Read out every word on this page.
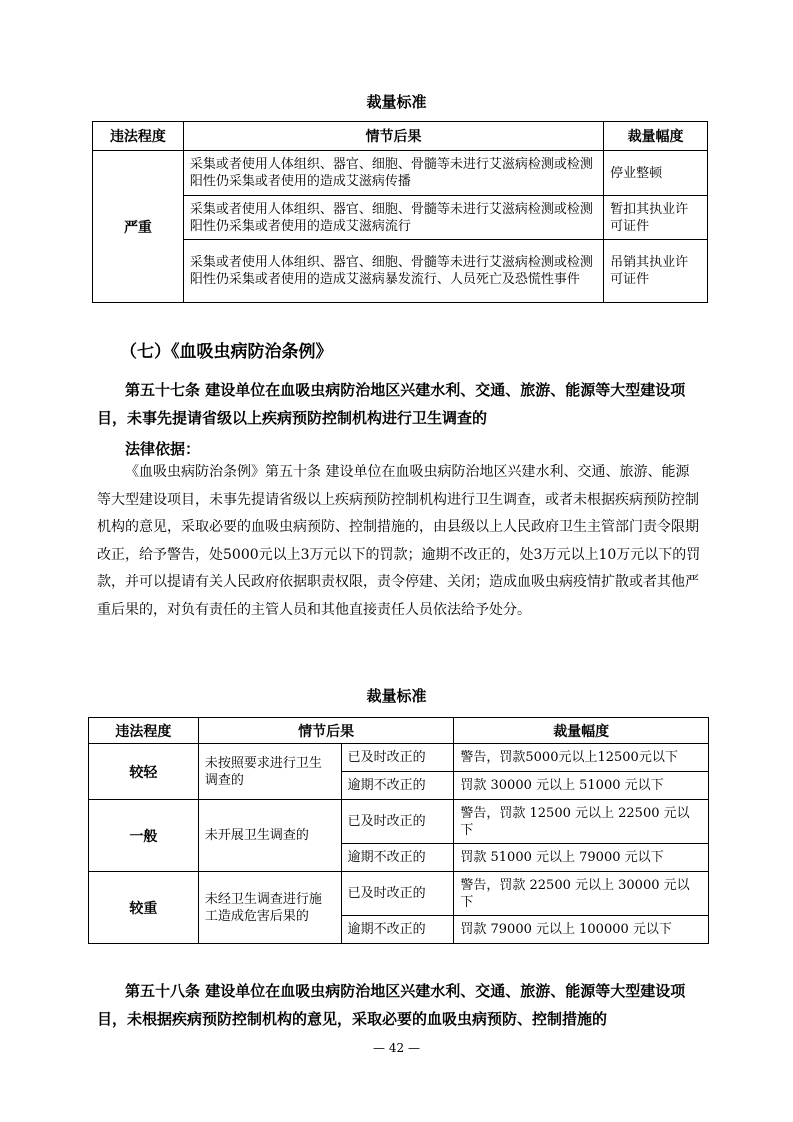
裁量标准
违法程度	情节后果	裁量幅度
严重	采集或者使用人体组织、器官、细胞、骨髓等未进行艾滋病检测或检测阳性仍采集或者使用的造成艾滋病传播	停业整顿
	采集或者使用人体组织、器官、细胞、骨髓等未进行艾滋病检测或检测阳性仍采集或者使用的造成艾滋病流行	暂扣其执业许可证件
	采集或者使用人体组织、器官、细胞、骨髓等未进行艾滋病检测或检测阳性仍采集或者使用的造成艾滋病暴发流行、人员死亡及恐慌性事件	吊销其执业许可证件
（七）《血吸虫病防治条例》
第五十七条 建设单位在血吸虫病防治地区兴建水利、交通、旅游、能源等大型建设项目，未事先提请省级以上疾病预防控制机构进行卫生调查的
法律依据：
《血吸虫病防治条例》第五十条 建设单位在血吸虫病防治地区兴建水利、交通、旅游、能源等大型建设项目，未事先提请省级以上疾病预防控制机构进行卫生调查，或者未根据疾病预防控制机构的意见，采取必要的血吸虫病预防、控制措施的，由县级以上人民政府卫生主管部门责令限期改正，给予警告，处5000元以上3万元以下的罚款；逾期不改正的，处3万元以上10万元以下的罚款，并可以提请有关人民政府依据职责权限，责令停建、关闭；造成血吸虫病疫情扩散或者其他严重后果的，对负有责任的主管人员和其他直接责任人员依法给予处分。
裁量标准
违法程度	情节后果		裁量幅度
较轻	未按照要求进行卫生调查的	已及时改正的	警告，罚款5000元以上12500元以下
		逾期不改正的	罚款 30000 元以上 51000 元以下
一般	未开展卫生调查的	已及时改正的	警告，罚款 12500 元以上 22500 元以下
		逾期不改正的	罚款 51000 元以上 79000 元以下
较重	未经卫生调查进行施工造成危害后果的	已及时改正的	警告，罚款 22500 元以上 30000 元以下
		逾期不改正的	罚款 79000 元以上 100000 元以下
第五十八条 建设单位在血吸虫病防治地区兴建水利、交通、旅游、能源等大型建设项目，未根据疾病预防控制机构的意见，采取必要的血吸虫病预防、控制措施的
— 42 —
